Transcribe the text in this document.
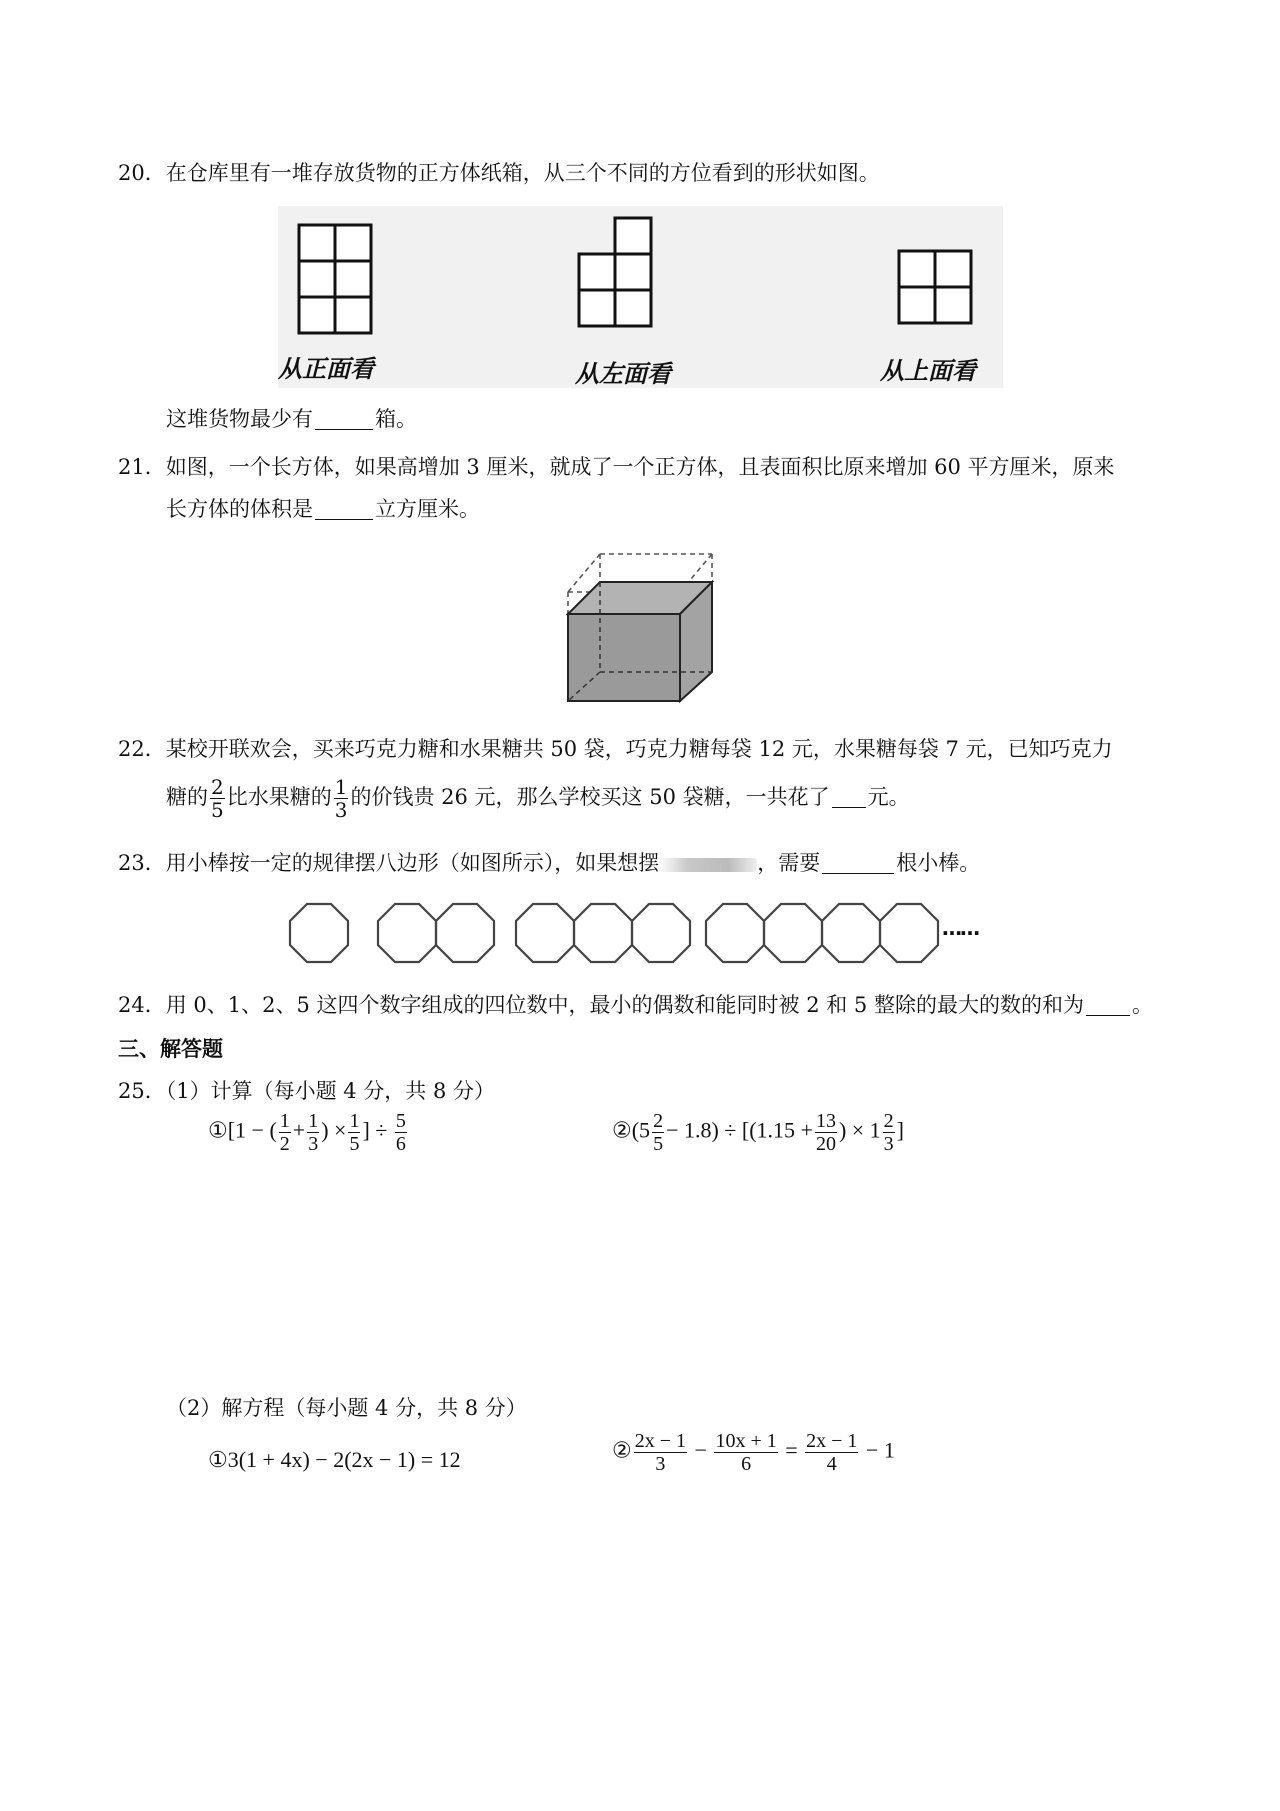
20．在仓库里有一堆存放货物的正方体纸箱，从三个不同的方位看到的形状如图。
从正面看	从左面看	从上面看
这堆货物最少有	箱。
21．如图，一个长方体，如果高增加 3 厘米，就成了一个正方体，且表面积比原来增加 60 平方厘米，原来
长方体的体积是	立方厘米。
22．某校开联欢会，买来巧克力糖和水果糖共 50 袋，巧克力糖每袋 12 元，水果糖每袋 7 元，已知巧克力
糖的 $\frac{2}{5}$ 比水果糖的 $\frac{1}{3}$ 的价钱贵 26 元，那么学校买这 50 袋糖，一共花了 元。
23．用小棒按一定的规律摆八边形（如图所示），如果想摆	，需要	根小棒。
……
24．用 0、1、2、5 这四个数字组成的四位数中，最小的偶数和能同时被 2 和 5 整除的最大的数的和为 。
三、解答题
25．（1）计算（每小题 4 分，共 8 分）
①[1 − ( $\frac{1}{2} + \frac{1}{3}$ ) × $\frac{1}{5}$ ] ÷ $\frac{5}{6}$	②(5 $\frac{2}{5} - 1.8) \div [(1.15 + \frac{13}{20}$ ) × $1 \frac{2}{3}$ ]
（2）解方程（每小题 4 分，共 8 分）
①3(1 + 4x) − 2(2x − 1) = 12	② $\frac{2x - 1}{3} - \frac{10x + 1}{6} = \frac{2x - 1}{4} - 1$
